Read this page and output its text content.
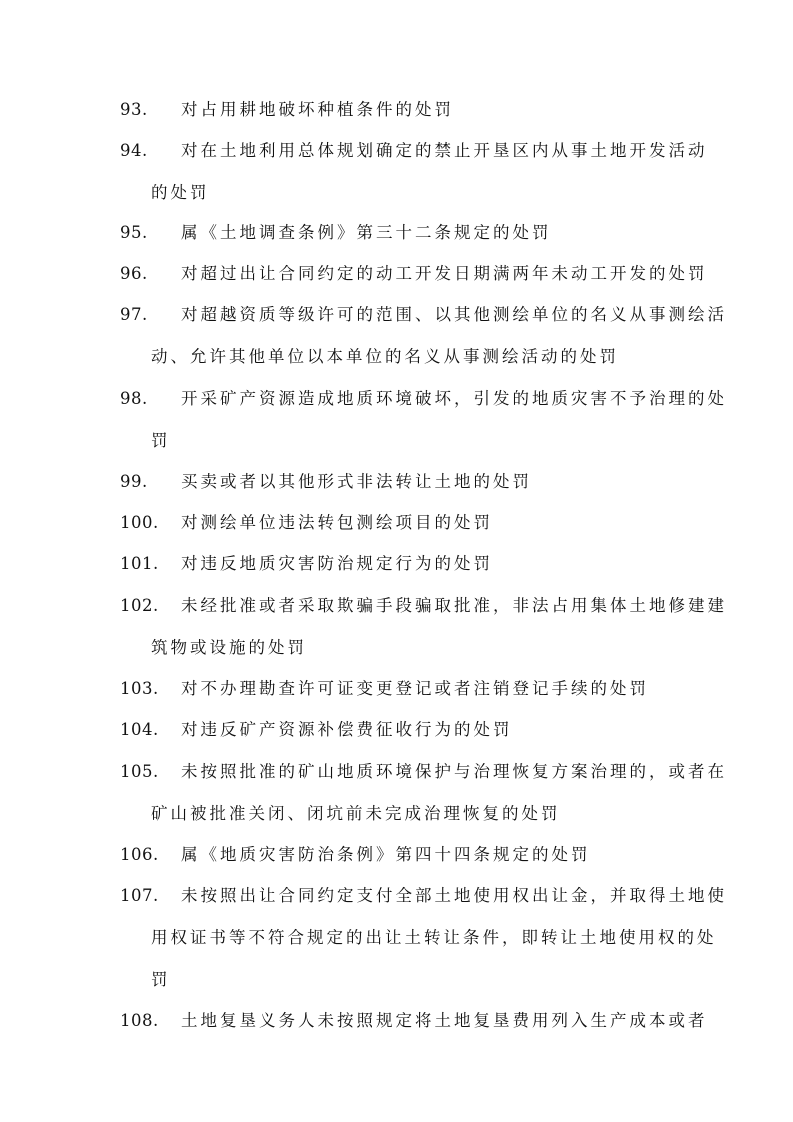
93.	对占用耕地破坏种植条件的处罚
94.	对在土地利用总体规划确定的禁止开垦区内从事土地开发活动
的处罚
95.	属《土地调查条例》第三十二条规定的处罚
96.	对超过出让合同约定的动工开发日期满两年未动工开发的处罚
97.	对超越资质等级许可的范围、以其他测绘单位的名义从事测绘活
动、允许其他单位以本单位的名义从事测绘活动的处罚
98.	开采矿产资源造成地质环境破坏，引发的地质灾害不予治理的处
罚
99.	买卖或者以其他形式非法转让土地的处罚
100.	对测绘单位违法转包测绘项目的处罚
101.	对违反地质灾害防治规定行为的处罚
102.	未经批准或者采取欺骗手段骗取批准，非法占用集体土地修建建
筑物或设施的处罚
103.	对不办理勘查许可证变更登记或者注销登记手续的处罚
104.	对违反矿产资源补偿费征收行为的处罚
105.	未按照批准的矿山地质环境保护与治理恢复方案治理的，或者在
矿山被批准关闭、闭坑前未完成治理恢复的处罚
106.	属《地质灾害防治条例》第四十四条规定的处罚
107.	未按照出让合同约定支付全部土地使用权出让金，并取得土地使
用权证书等不符合规定的出让土转让条件，即转让土地使用权的处
罚
108.	土地复垦义务人未按照规定将土地复垦费用列入生产成本或者
